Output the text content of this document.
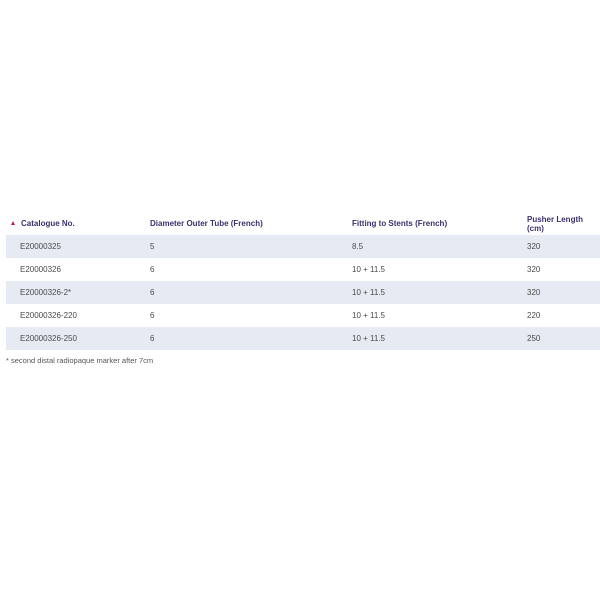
Catalogue No.	Diameter Outer Tube (French)	Fitting to Stents (French)	Pusher Length (cm)
E20000325	5	8.5	320
E20000326	6	10 + 11.5	320
E20000326-2*	6	10 + 11.5	320
E20000326-220	6	10 + 11.5	220
E20000326-250	6	10 + 11.5	250
* second distal radiopaque marker after 7cm
